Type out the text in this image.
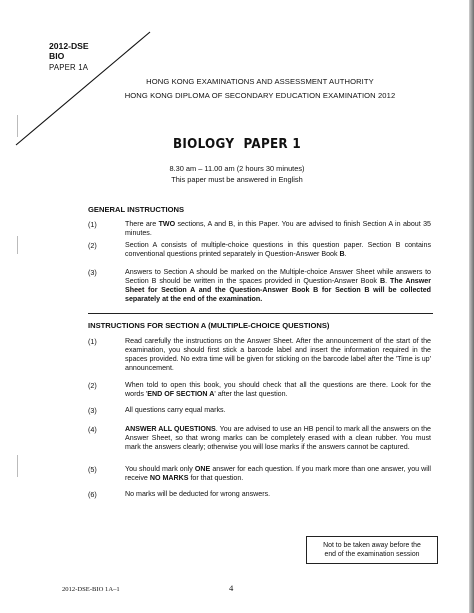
2012-DSE
BIO
PAPER 1A
HONG KONG EXAMINATIONS AND ASSESSMENT AUTHORITY
HONG KONG DIPLOMA OF SECONDARY EDUCATION EXAMINATION 2012
BIOLOGY PAPER 1
8.30 am – 11.00 am (2 hours 30 minutes)
This paper must be answered in English
GENERAL INSTRUCTIONS
(1)	There are TWO sections, A and B, in this Paper. You are advised to finish Section A in about 35 minutes.
(2)	Section A consists of multiple-choice questions in this question paper. Section B contains conventional questions printed separately in Question-Answer Book B.
(3)	Answers to Section A should be marked on the Multiple-choice Answer Sheet while answers to Section B should be written in the spaces provided in Question-Answer Book B. The Answer Sheet for Section A and the Question-Answer Book B for Section B will be collected separately at the end of the examination.
INSTRUCTIONS FOR SECTION A (MULTIPLE-CHOICE QUESTIONS)
(1)	Read carefully the instructions on the Answer Sheet. After the announcement of the start of the examination, you should first stick a barcode label and insert the information required in the spaces provided. No extra time will be given for sticking on the barcode label after the 'Time is up' announcement.
(2)	When told to open this book, you should check that all the questions are there. Look for the words 'END OF SECTION A' after the last question.
(3)	All questions carry equal marks.
(4)	ANSWER ALL QUESTIONS. You are advised to use an HB pencil to mark all the answers on the Answer Sheet, so that wrong marks can be completely erased with a clean rubber. You must mark the answers clearly; otherwise you will lose marks if the answers cannot be captured.
(5)	You should mark only ONE answer for each question. If you mark more than one answer, you will receive NO MARKS for that question.
(6)	No marks will be deducted for wrong answers.
Not to be taken away before the
end of the examination session
2012-DSE-BIO 1A–1	4
